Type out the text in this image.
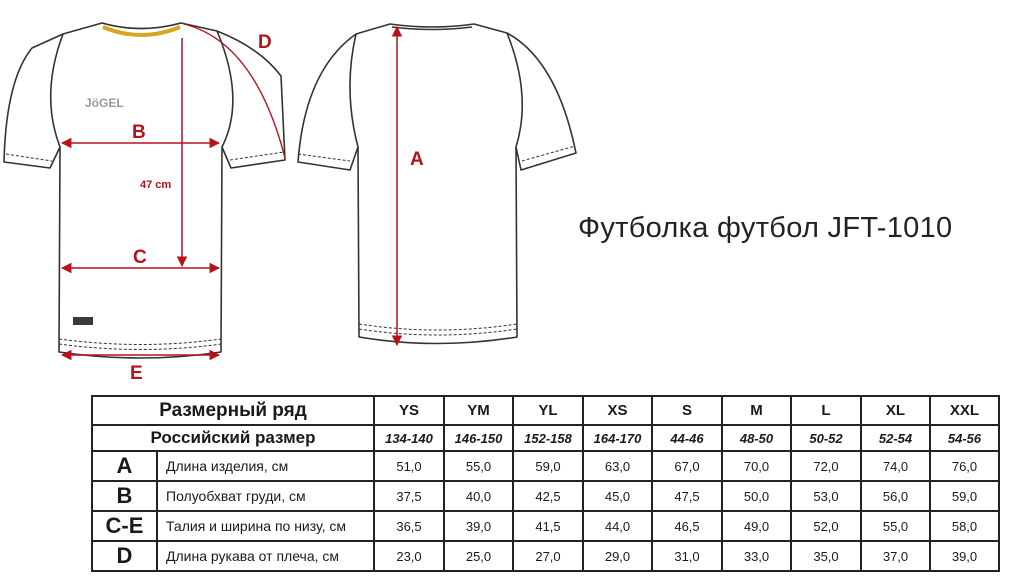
JöGEL
B
C
E
47 cm
D
A
Футболка футбол JFT-1010
Размерный ряд		YS	YM	YL	XS	S	M	L	XL	XXL
Российский размер		134-140	146-150	152-158	164-170	44-46	48-50	50-52	52-54	54-56
A	Длина изделия, см	51,0	55,0	59,0	63,0	67,0	70,0	72,0	74,0	76,0
B	Полуобхват груди, см	37,5	40,0	42,5	45,0	47,5	50,0	53,0	56,0	59,0
C-E	Талия и ширина по низу, см	36,5	39,0	41,5	44,0	46,5	49,0	52,0	55,0	58,0
D	Длина рукава от плеча, см	23,0	25,0	27,0	29,0	31,0	33,0	35,0	37,0	39,0
